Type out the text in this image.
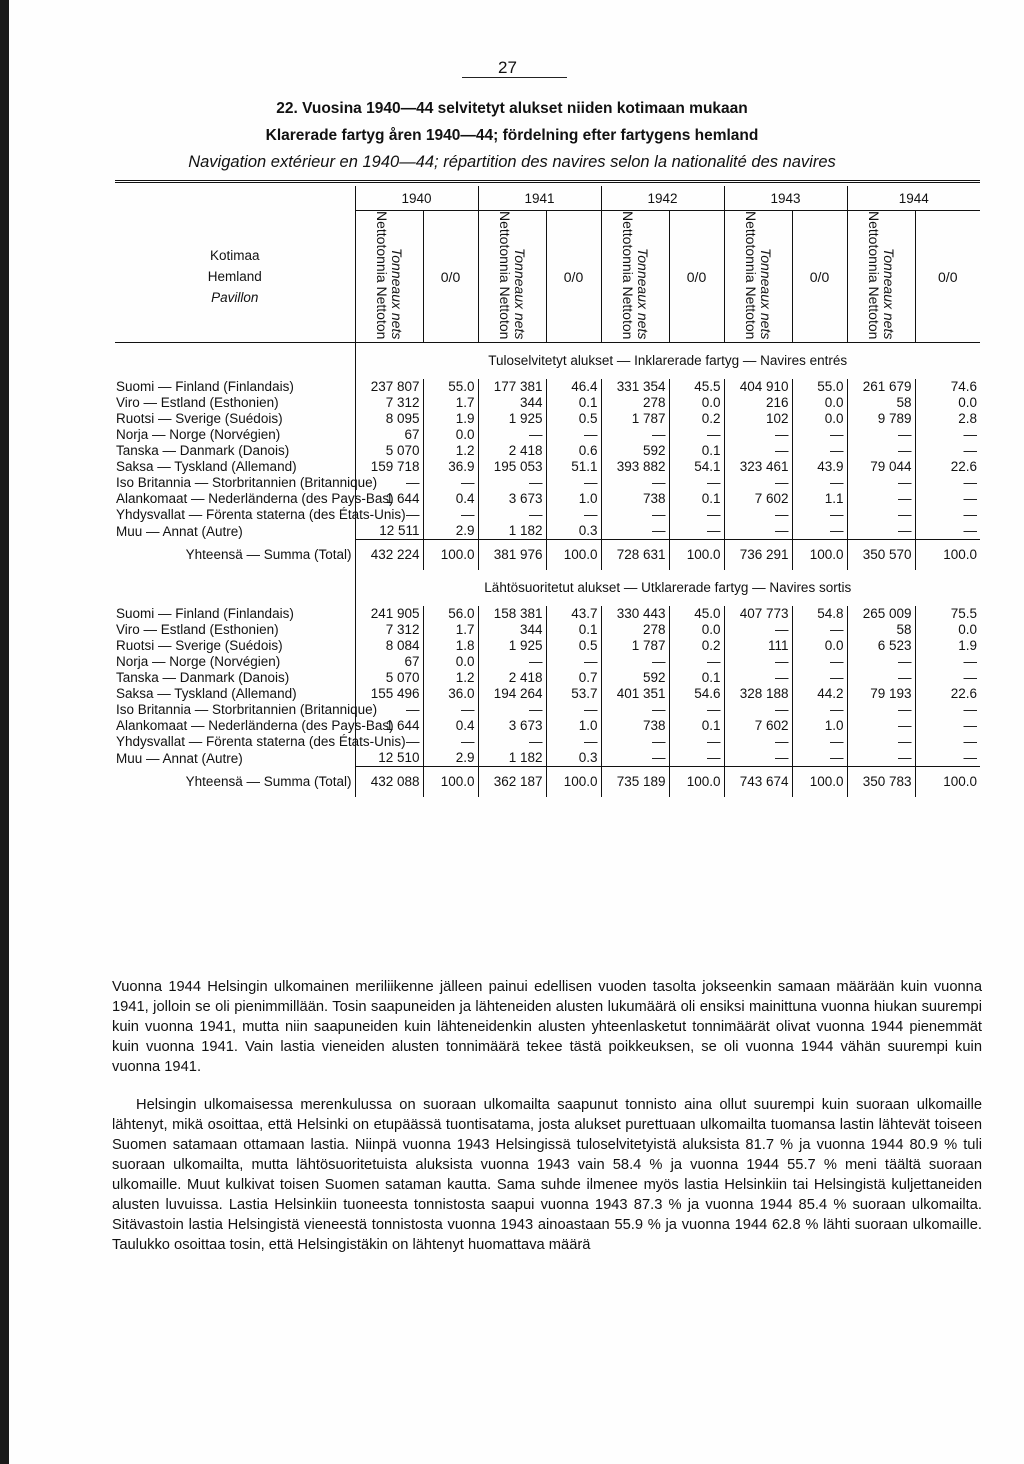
27
22. Vuosina 1940—44 selvitetyt alukset niiden kotimaan mukaan
Klarerade fartyg åren 1940—44; fördelning efter fartygens hemland
Navigation extérieur en 1940—44; répartition des navires selon la nationalité des navires

	1940		1941		1942		1943		1944	

Kotimaa
Hemland
Pavillon	Nettotonnia NettotonTonneaux nets	0/0	Nettotonnia NettotonTonneaux nets	0/0	Nettotonnia NettotonTonneaux nets	0/0	Nettotonnia NettotonTonneaux nets	0/0	Nettotonnia NettotonTonneaux nets	0/0
	Tuloselvitetyt alukset — Inklarerade fartyg — Navires entrés									
Suomi — Finland (Finlandais)	237 807	55.0	177 381	46.4	331 354	45.5	404 910	55.0	261 679	74.6
Viro — Estland (Esthonien)	7 312	1.7	344	0.1	278	0.0	216	0.0	58	0.0
Ruotsi — Sverige (Suédois)	8 095	1.9	1 925	0.5	1 787	0.2	102	0.0	9 789	2.8
Norja — Norge (Norvégien)	67	0.0	—	—	—	—	—	—	—	—
Tanska — Danmark (Danois)	5 070	1.2	2 418	0.6	592	0.1	—	—	—	—
Saksa — Tyskland (Allemand)	159 718	36.9	195 053	51.1	393 882	54.1	323 461	43.9	79 044	22.6
Iso Britannia — Storbritannien (Britannique)	—	—	—	—	—	—	—	—	—	—
Alankomaat — Nederländerna (des Pays-Bas)	1 644	0.4	3 673	1.0	738	0.1	7 602	1.1	—	—
Yhdysvallat — Förenta staterna (des États-Unis)	—	—	—	—	—	—	—	—	—	—
Muu — Annat (Autre)	12 511	2.9	1 182	0.3	—	—	—	—	—	—
Yhteensä — Summa (Total)	432 224	100.0	381 976	100.0	728 631	100.0	736 291	100.0	350 570	100.0
	Lähtösuoritetut alukset — Utklarerade fartyg — Navires sortis									
Suomi — Finland (Finlandais)	241 905	56.0	158 381	43.7	330 443	45.0	407 773	54.8	265 009	75.5
Viro — Estland (Esthonien)	7 312	1.7	344	0.1	278	0.0	—	—	58	0.0
Ruotsi — Sverige (Suédois)	8 084	1.8	1 925	0.5	1 787	0.2	111	0.0	6 523	1.9
Norja — Norge (Norvégien)	67	0.0	—	—	—	—	—	—	—	—
Tanska — Danmark (Danois)	5 070	1.2	2 418	0.7	592	0.1	—	—	—	—
Saksa — Tyskland (Allemand)	155 496	36.0	194 264	53.7	401 351	54.6	328 188	44.2	79 193	22.6
Iso Britannia — Storbritannien (Britannique)	—	—	—	—	—	—	—	—	—	—
Alankomaat — Nederländerna (des Pays-Bas)	1 644	0.4	3 673	1.0	738	0.1	7 602	1.0	—	—
Yhdysvallat — Förenta staterna (des États-Unis)	—	—	—	—	—	—	—	—	—	—
Muu — Annat (Autre)	12 510	2.9	1 182	0.3	—	—	—	—	—	—
Yhteensä — Summa (Total)	432 088	100.0	362 187	100.0	735 189	100.0	743 674	100.0	350 783	100.0

Vuonna 1944 Helsingin ulkomainen meriliikenne jälleen painui edellisen vuoden tasolta jokseenkin samaan määrään kuin vuonna 1941, jolloin se oli pienimmillään. Tosin saapuneiden ja lähteneiden alusten lukumäärä oli ensiksi mainittuna vuonna hiukan suurempi kuin vuonna 1941, mutta niin saapuneiden kuin lähteneidenkin alusten yhteenlasketut tonnimäärät olivat vuonna 1944 pienemmät kuin vuonna 1941. Vain lastia vieneiden alusten tonnimäärä tekee tästä poikkeuksen, se oli vuonna 1944 vähän suurempi kuin vuonna 1941.

Helsingin ulkomaisessa merenkulussa on suoraan ulkomailta saapunut tonnisto aina ollut suurempi kuin suoraan ulkomaille lähtenyt, mikä osoittaa, että Helsinki on etupäässä tuontisatama, josta alukset purettuaan ulkomailta tuomansa lastin lähtevät toiseen Suomen satamaan ottamaan lastia. Niinpä vuonna 1943 Helsingissä tuloselvitetyistä aluksista 81.7 % ja vuonna 1944 80.9 % tuli suoraan ulkomailta, mutta lähtösuoritetuista aluksista vuonna 1943 vain 58.4 % ja vuonna 1944 55.7 % meni täältä suoraan ulkomaille. Muut kulkivat toisen Suomen sataman kautta. Sama suhde ilmenee myös lastia Helsinkiin tai Helsingistä kuljettaneiden alusten luvuissa. Lastia Helsinkiin tuoneesta tonnistosta saapui vuonna 1943 87.3 % ja vuonna 1944 85.4 % suoraan ulkomailta. Sitävastoin lastia Helsingistä vieneestä tonnistosta vuonna 1943 ainoastaan 55.9 % ja vuonna 1944 62.8 % lähti suoraan ulkomaille. Taulukko osoittaa tosin, että Helsingistäkin on lähtenyt huomattava määrä
